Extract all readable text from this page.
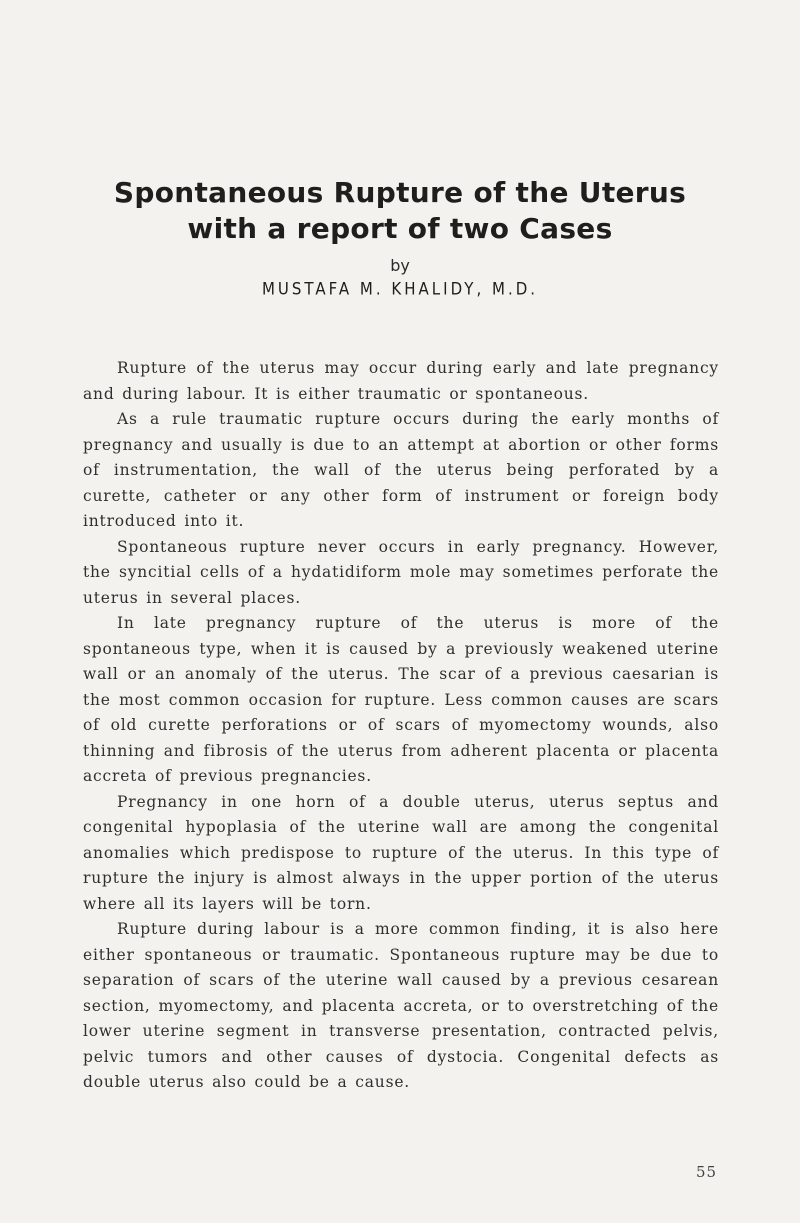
Spontaneous Rupture of the Uterus
with a report of two Cases
by
MUSTAFA M. KHALIDY, M.D.

Rupture of the uterus may occur during early and late pregnancy and during labour. It is either traumatic or spontaneous.

As a rule traumatic rupture occurs during the early months of pregnancy and usually is due to an attempt at abortion or other forms of instrumentation, the wall of the uterus being perforated by a curette, catheter or any other form of instrument or foreign body introduced into it.

Spontaneous rupture never occurs in early pregnancy. However, the syncitial cells of a hydatidiform mole may sometimes perforate the uterus in several places.

In late pregnancy rupture of the uterus is more of the spontaneous type, when it is caused by a previously weakened uterine wall or an anomaly of the uterus. The scar of a previous caesarian is the most common occasion for rupture. Less common causes are scars of old curette perforations or of scars of myomectomy wounds, also thinning and fibrosis of the uterus from adherent placenta or placenta accreta of previous pregnancies.

Pregnancy in one horn of a double uterus, uterus septus and congenital hypoplasia of the uterine wall are among the congenital anomalies which predispose to rupture of the uterus. In this type of rupture the injury is almost always in the upper portion of the uterus where all its layers will be torn.

Rupture during labour is a more common finding, it is also here either spontaneous or traumatic. Spontaneous rupture may be due to separation of scars of the uterine wall caused by a previous cesarean section, myomectomy, and placenta accreta, or to overstretching of the lower uterine segment in transverse presentation, contracted pelvis, pelvic tumors and other causes of dystocia. Congenital defects as double uterus also could be a cause.

55
